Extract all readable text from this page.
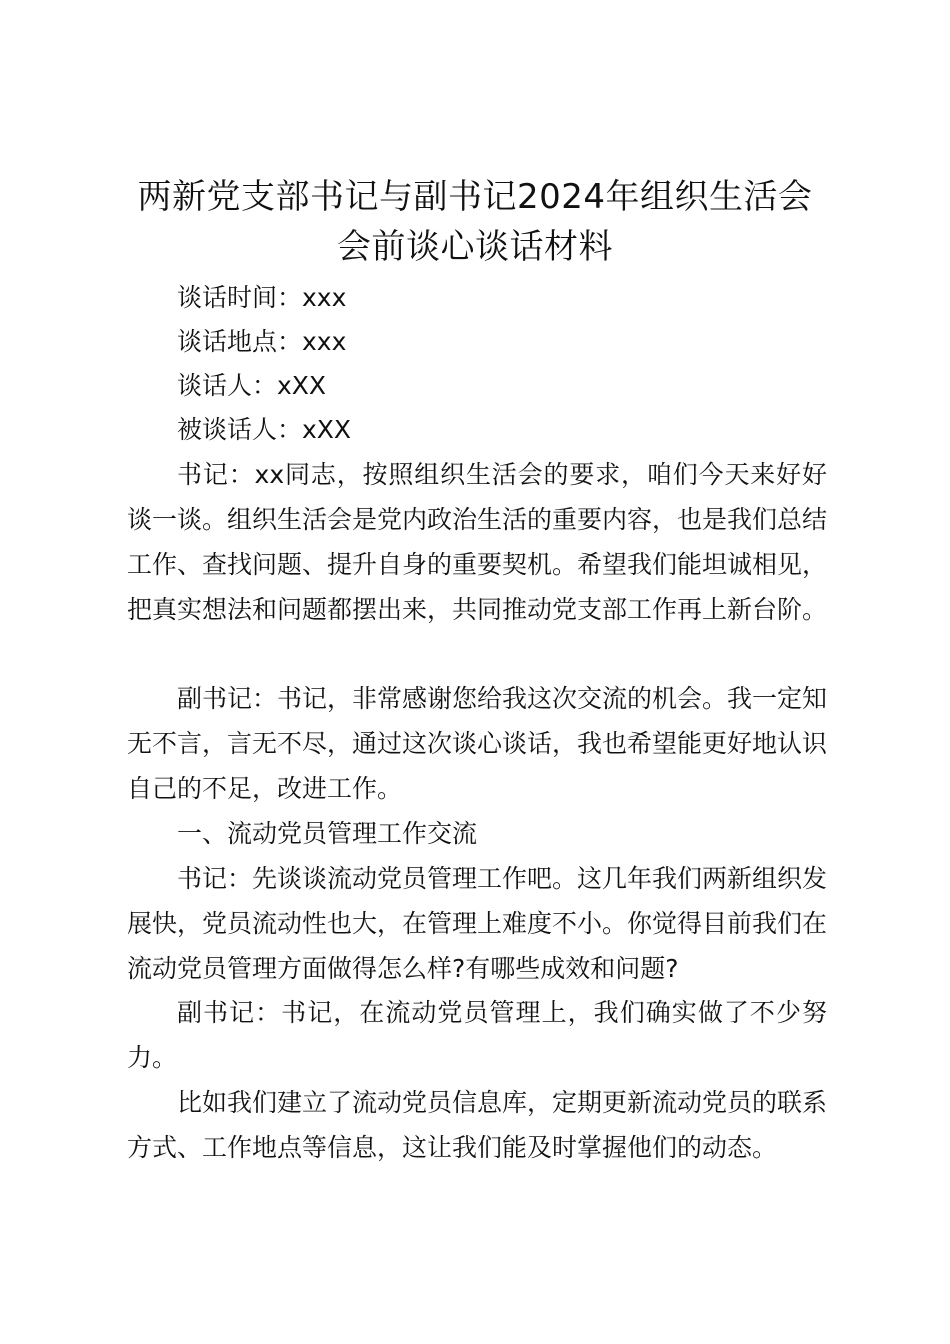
两新党支部书记与副书记2024年组织生活会
会前谈心谈话材料
谈话时间：xxx
谈话地点：xxx
谈话人：xXX
被谈话人：xXX

书记：xx同志，按照组织生活会的要求，咱们今天来好好谈一谈。组织生活会是党内政治生活的重要内容，也是我们总结工作、查找问题、提升自身的重要契机。希望我们能坦诚相见，把真实想法和问题都摆出来，共同推动党支部工作再上新台阶。

副书记：书记，非常感谢您给我这次交流的机会。我一定知无不言，言无不尽，通过这次谈心谈话，我也希望能更好地认识自己的不足，改进工作。

一、流动党员管理工作交流

书记：先谈谈流动党员管理工作吧。这几年我们两新组织发展快，党员流动性也大，在管理上难度不小。你觉得目前我们在流动党员管理方面做得怎么样?有哪些成效和问题?

副书记：书记，在流动党员管理上，我们确实做了不少努力。

比如我们建立了流动党员信息库，定期更新流动党员的联系方式、工作地点等信息，这让我们能及时掌握他们的动态。
